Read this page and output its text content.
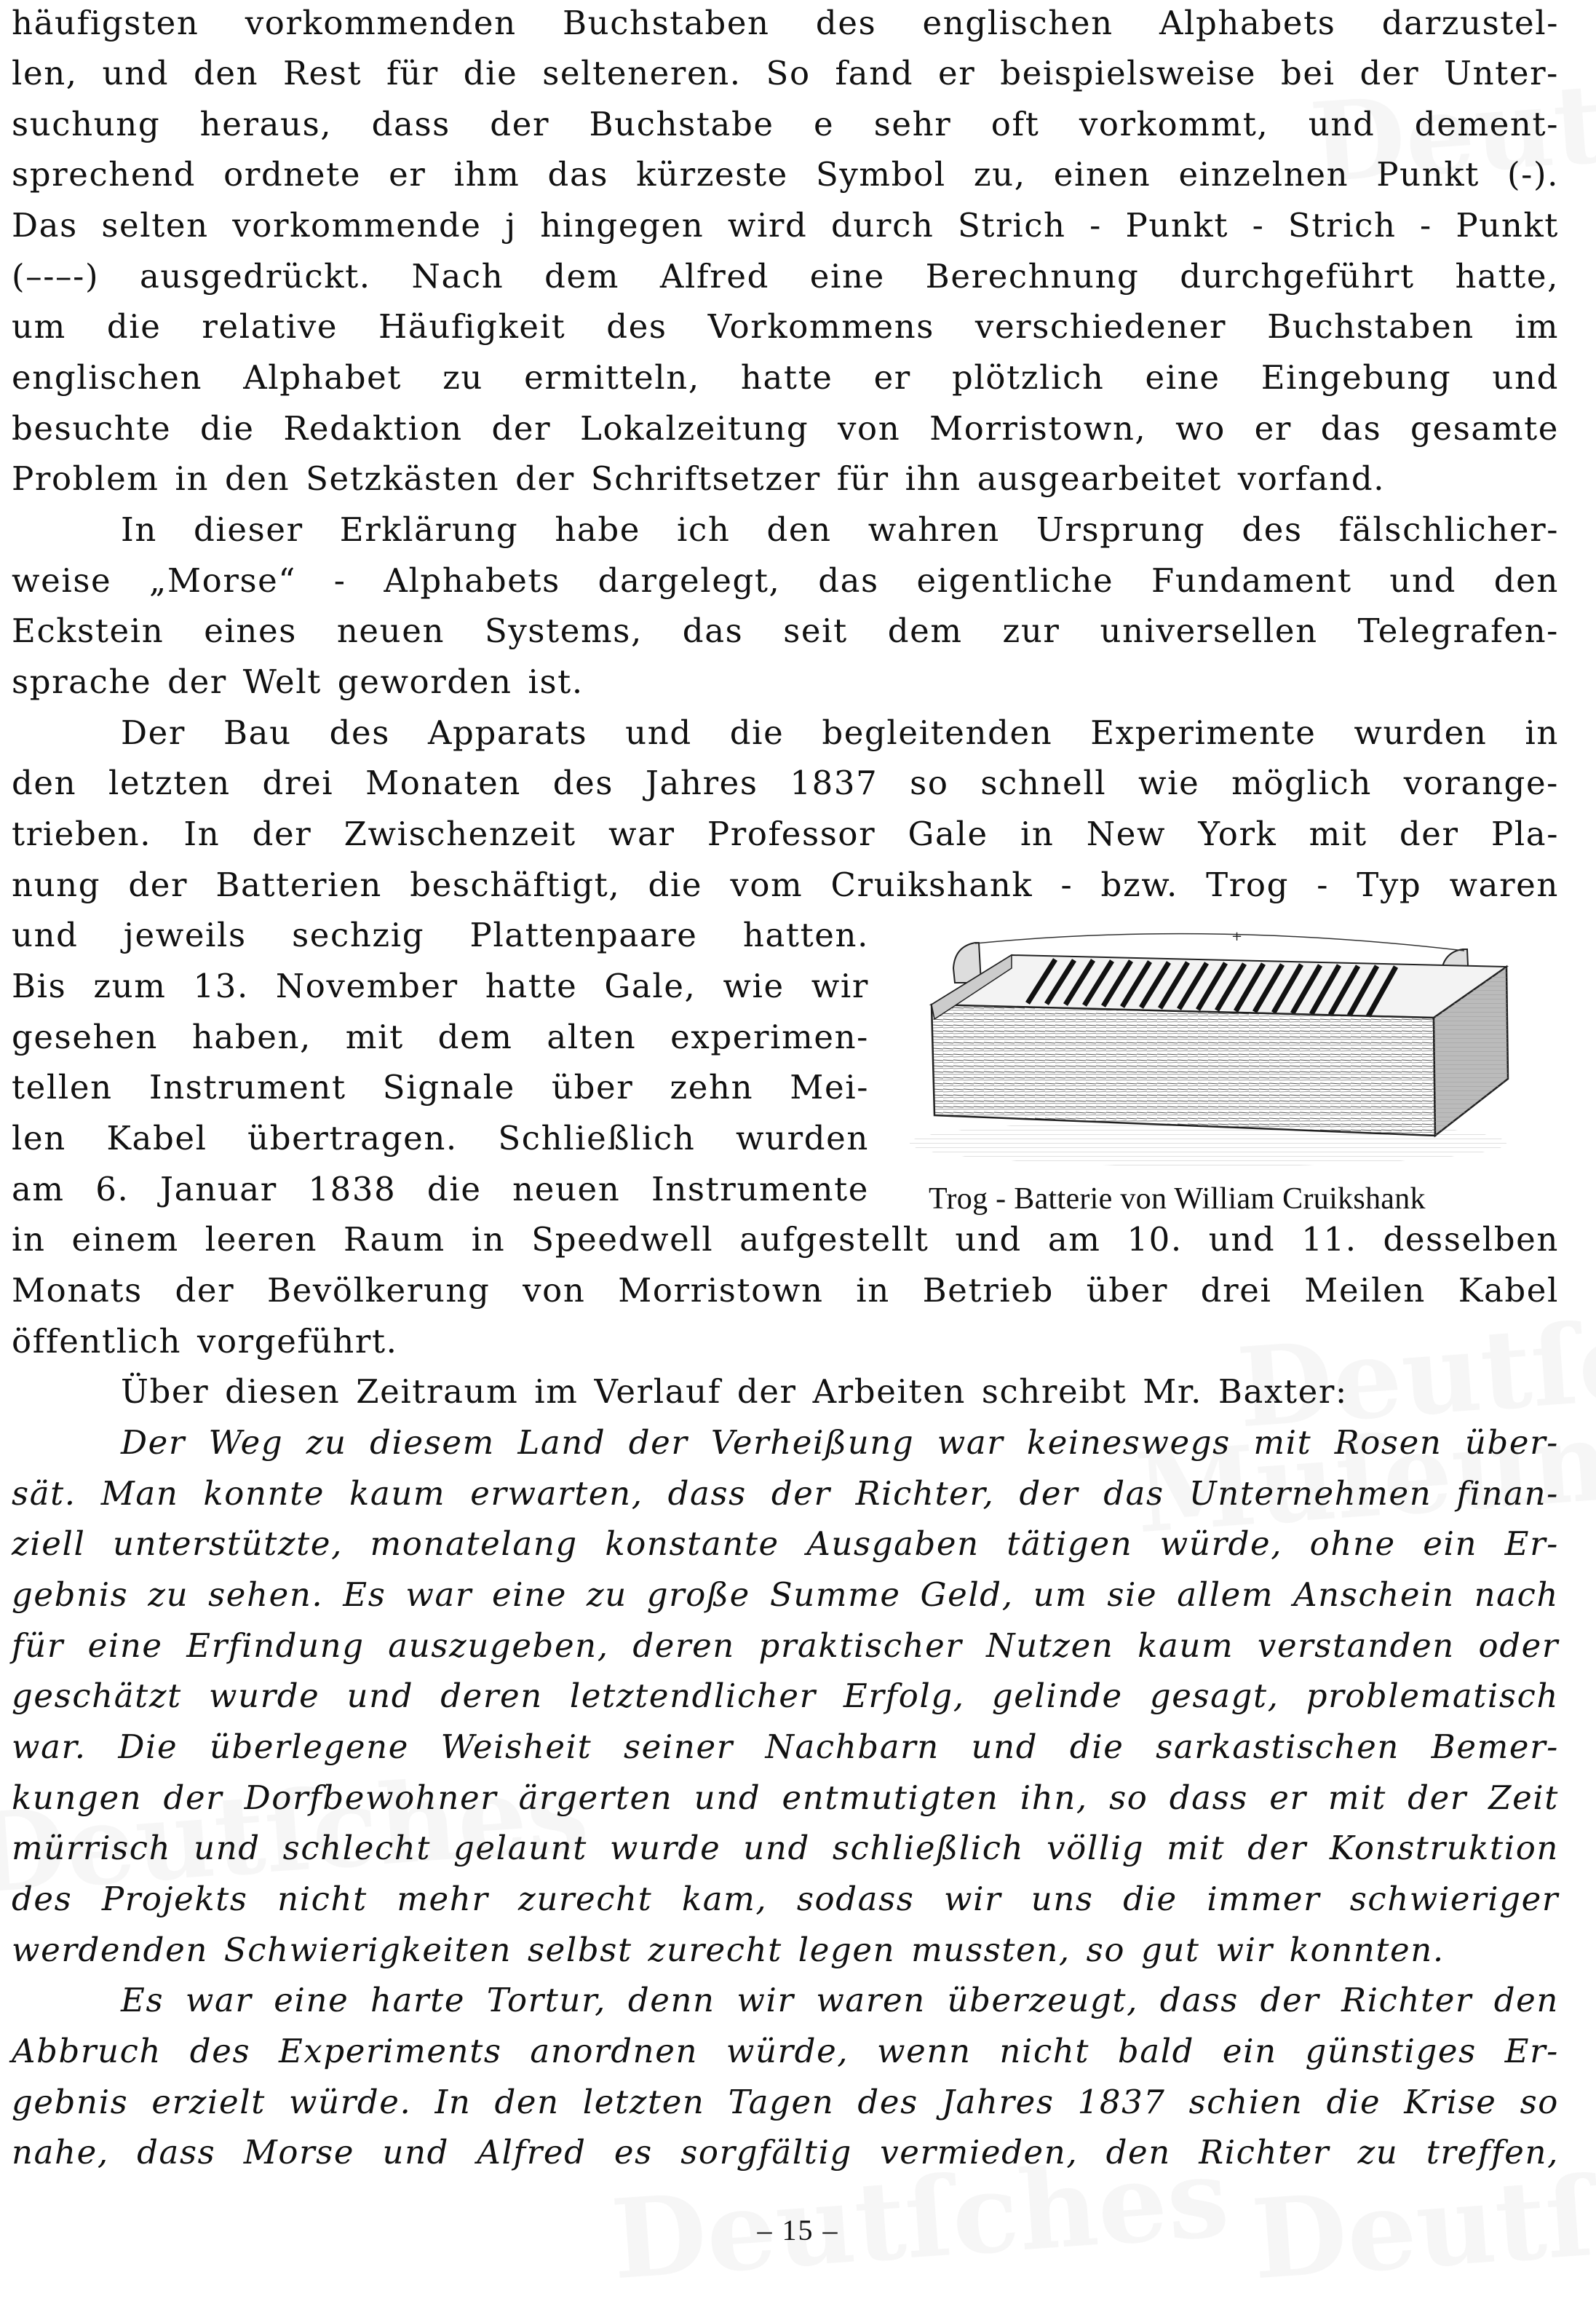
häufigsten vorkommenden Buchstaben des englischen Alphabets darzustel-
len, und den Rest für die selteneren. So fand er beispielsweise bei der Unter-
suchung heraus, dass der Buchstabe e sehr oft vorkommt, und dement-
sprechend ordnete er ihm das kürzeste Symbol zu, einen einzelnen Punkt (-).
Das selten vorkommende j hingegen wird durch Strich - Punkt - Strich - Punkt
(–-–-) ausgedrückt. Nach dem Alfred eine Berechnung durchgeführt hatte,
um die relative Häufigkeit des Vorkommens verschiedener Buchstaben im
englischen Alphabet zu ermitteln, hatte er plötzlich eine Eingebung und
besuchte die Redaktion der Lokalzeitung von Morristown, wo er das gesamte
Problem in den Setzkästen der Schriftsetzer für ihn ausgearbeitet vorfand.
In dieser Erklärung habe ich den wahren Ursprung des fälschlicher-
weise „Morse“ - Alphabets dargelegt, das eigentliche Fundament und den
Eckstein eines neuen Systems, das seit dem zur universellen Telegrafen-
sprache der Welt geworden ist.
Der Bau des Apparats und die begleitenden Experimente wurden in
den letzten drei Monaten des Jahres 1837 so schnell wie möglich vorange-
trieben. In der Zwischenzeit war Professor Gale in New York mit der Pla-
nung der Batterien beschäftigt, die vom Cruikshank - bzw. Trog - Typ waren
und jeweils sechzig Plattenpaare hatten.
Bis zum 13. November hatte Gale, wie wir
gesehen haben, mit dem alten experimen-
tellen Instrument Signale über zehn Mei-
len Kabel übertragen. Schließlich wurden
am 6. Januar 1838 die neuen Instrumente
in einem leeren Raum in Speedwell aufgestellt und am 10. und 11. desselben
Monats der Bevölkerung von Morristown in Betrieb über drei Meilen Kabel
öffentlich vorgeführt.
Über diesen Zeitraum im Verlauf der Arbeiten schreibt Mr. Baxter:
Der Weg zu diesem Land der Verheißung war keineswegs mit Rosen über-
sät. Man konnte kaum erwarten, dass der Richter, der das Unternehmen finan-
ziell unterstützte, monatelang konstante Ausgaben tätigen würde, ohne ein Er-
gebnis zu sehen. Es war eine zu große Summe Geld, um sie allem Anschein nach
für eine Erfindung auszugeben, deren praktischer Nutzen kaum verstanden oder
geschätzt wurde und deren letztendlicher Erfolg, gelinde gesagt, problematisch
war. Die überlegene Weisheit seiner Nachbarn und die sarkastischen Bemer-
kungen der Dorfbewohner ärgerten und entmutigten ihn, so dass er mit der Zeit
mürrisch und schlecht gelaunt wurde und schließlich völlig mit der Konstruktion
des Projekts nicht mehr zurecht kam, sodass wir uns die immer schwieriger
werdenden Schwierigkeiten selbst zurecht legen mussten, so gut wir konnten.
Es war eine harte Tortur, denn wir waren überzeugt, dass der Richter den
Abbruch des Experiments anordnen würde, wenn nicht bald ein günstiges Er-
gebnis erzielt würde. In den letzten Tagen des Jahres 1837 schien die Krise so
nahe, dass Morse und Alfred es sorgfältig vermieden, den Richter zu treffen,
+
Trog - Batterie von William Cruikshank
– 15 –
